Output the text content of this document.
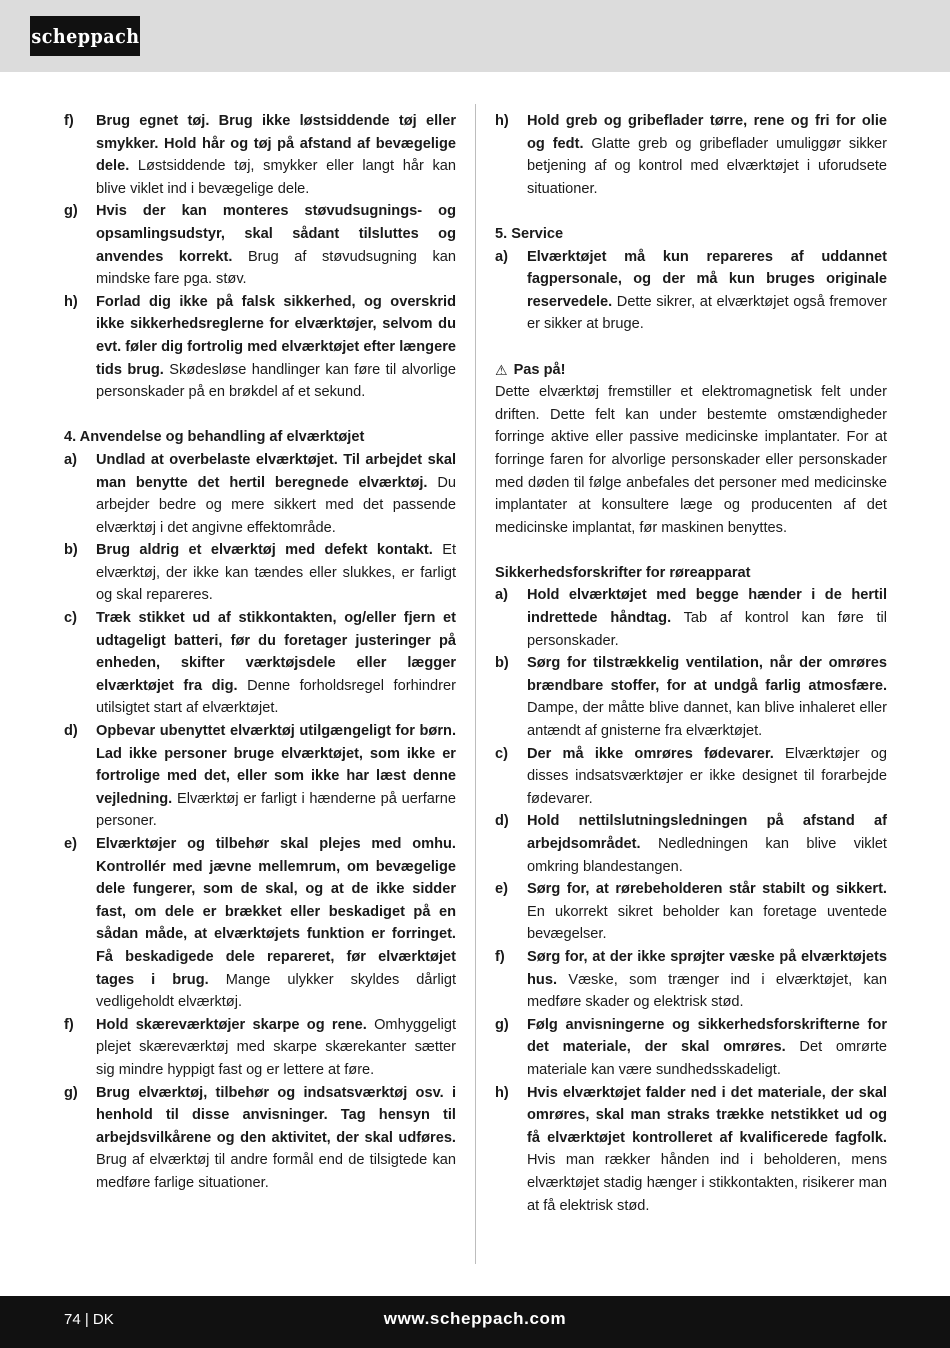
scheppach
f)	Brug egnet tøj. Brug ikke løstsiddende tøj eller smykker. Hold hår og tøj på afstand af bevægelige dele. Løstsiddende tøj, smykker eller langt hår kan blive viklet ind i bevægelige dele.
g)	Hvis der kan monteres støvudsugnings- og opsamlingsudstyr, skal sådant tilsluttes og anvendes korrekt. Brug af støvudsugning kan mindske fare pga. støv.
h)	Forlad dig ikke på falsk sikkerhed, og overskrid ikke sikkerhedsreglerne for elværktøjer, selvom du evt. føler dig fortrolig med elværktøjet efter længere tids brug. Skødesløse handlinger kan føre til alvorlige personskader på en brøkdel af et sekund.
4. Anvendelse og behandling af elværktøjet
a)	Undlad at overbelaste elværktøjet. Til arbejdet skal man benytte det hertil beregnede elværktøj. Du arbejder bedre og mere sikkert med det passende elværktøj i det angivne effektområde.
b)	Brug aldrig et elværktøj med defekt kontakt. Et elværktøj, der ikke kan tændes eller slukkes, er farligt og skal repareres.
c)	Træk stikket ud af stikkontakten, og/eller fjern et udtageligt batteri, før du foretager justeringer på enheden, skifter værktøjsdele eller lægger elværktøjet fra dig. Denne forholdsregel forhindrer utilsigtet start af elværktøjet.
d)	Opbevar ubenyttet elværktøj utilgængeligt for børn. Lad ikke personer bruge elværktøjet, som ikke er fortrolige med det, eller som ikke har læst denne vejledning. Elværktøj er farligt i hænderne på uerfarne personer.
e)	Elværktøjer og tilbehør skal plejes med omhu. Kontrollér med jævne mellemrum, om bevægelige dele fungerer, som de skal, og at de ikke sidder fast, om dele er brækket eller beskadiget på en sådan måde, at elværktøjets funktion er forringet. Få beskadigede dele repareret, før elværktøjet tages i brug. Mange ulykker skyldes dårligt vedligeholdt elværktøj.
f)	Hold skæreværktøjer skarpe og rene. Omhyggeligt plejet skæreværktøj med skarpe skærekanter sætter sig mindre hyppigt fast og er lettere at føre.
g)	Brug elværktøj, tilbehør og indsatsværktøj osv. i henhold til disse anvisninger. Tag hensyn til arbejdsvilkårene og den aktivitet, der skal udføres. Brug af elværktøj til andre formål end de tilsigtede kan medføre farlige situationer.
h)	Hold greb og gribeflader tørre, rene og fri for olie og fedt. Glatte greb og gribeflader umuliggør sikker betjening af og kontrol med elværktøjet i uforudsete situationer.
5. Service
a)	Elværktøjet må kun repareres af uddannet fagpersonale, og der må kun bruges originale reservedele. Dette sikrer, at elværktøjet også fremover er sikker at bruge.
⚠ Pas på!
Dette elværktøj fremstiller et elektromagnetisk felt under driften. Dette felt kan under bestemte omstændigheder forringe aktive eller passive medicinske implantater. For at forringe faren for alvorlige personskader eller personskader med døden til følge anbefales det personer med medicinske implantater at konsultere læge og producenten af det medicinske implantat, før maskinen benyttes.
Sikkerhedsforskrifter for røreapparat
a)	Hold elværktøjet med begge hænder i de hertil indrettede håndtag. Tab af kontrol kan føre til personskader.
b)	Sørg for tilstrækkelig ventilation, når der omrøres brændbare stoffer, for at undgå farlig atmosfære. Dampe, der måtte blive dannet, kan blive inhaleret eller antændt af gnisterne fra elværktøjet.
c)	Der må ikke omrøres fødevarer. Elværktøjer og disses indsatsværktøjer er ikke designet til forarbejde fødevarer.
d)	Hold nettilslutningsledningen på afstand af arbejdsområdet. Nedledningen kan blive viklet omkring blandestangen.
e)	Sørg for, at rørebeholderen står stabilt og sikkert. En ukorrekt sikret beholder kan foretage uventede bevægelser.
f)	Sørg for, at der ikke sprøjter væske på elværktøjets hus. Væske, som trænger ind i elværktøjet, kan medføre skader og elektrisk stød.
g)	Følg anvisningerne og sikkerhedsforskrifterne for det materiale, der skal omrøres. Det omrørte materiale kan være sundhedsskadeligt.
h)	Hvis elværktøjet falder ned i det materiale, der skal omrøres, skal man straks trække netstikket ud og få elværktøjet kontrolleret af kvalificerede fagfolk. Hvis man rækker hånden ind i beholderen, mens elværktøjet stadig hænger i stikkontakten, risikerer man at få elektrisk stød.
74 | DK	www.scheppach.com
